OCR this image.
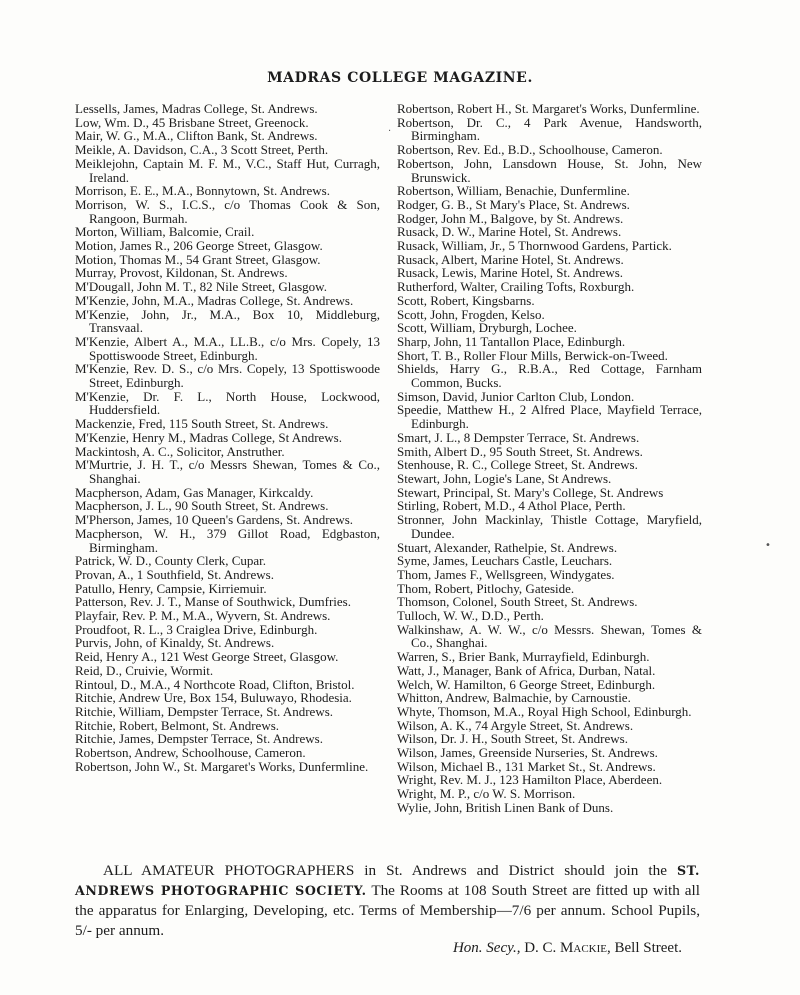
MADRAS COLLEGE MAGAZINE.
Lessells, James, Madras College, St. Andrews.
Low, Wm. D., 45 Brisbane Street, Greenock.
Mair, W. G., M.A., Clifton Bank, St. Andrews.
Meikle, A. Davidson, C.A., 3 Scott Street, Perth.
Meiklejohn, Captain M. F. M., V.C., Staff Hut, Curragh, Ireland.
Morrison, E. E., M.A., Bonnytown, St. Andrews.
Morrison, W. S., I.C.S., c/o Thomas Cook & Son, Rangoon, Burmah.
Morton, William, Balcomie, Crail.
Motion, James R., 206 George Street, Glasgow.
Motion, Thomas M., 54 Grant Street, Glasgow.
Murray, Provost, Kildonan, St. Andrews.
M'Dougall, John M. T., 82 Nile Street, Glasgow.
M'Kenzie, John, M.A., Madras College, St. Andrews.
M'Kenzie, John, Jr., M.A., Box 10, Middleburg, Transvaal.
M'Kenzie, Albert A., M.A., LL.B., c/o Mrs. Copely, 13 Spottiswoode Street, Edinburgh.
M'Kenzie, Rev. D. S., c/o Mrs. Copely, 13 Spottiswoode Street, Edinburgh.
M'Kenzie, Dr. F. L., North House, Lockwood, Huddersfield.
Mackenzie, Fred, 115 South Street, St. Andrews.
M'Kenzie, Henry M., Madras College, St Andrews.
Mackintosh, A. C., Solicitor, Anstruther.
M'Murtrie, J. H. T., c/o Messrs Shewan, Tomes & Co., Shanghai.
Macpherson, Adam, Gas Manager, Kirkcaldy.
Macpherson, J. L., 90 South Street, St. Andrews.
M'Pherson, James, 10 Queen's Gardens, St. Andrews.
Macpherson, W. H., 379 Gillot Road, Edgbaston, Birmingham.
Patrick, W. D., County Clerk, Cupar.
Provan, A., 1 Southfield, St. Andrews.
Patullo, Henry, Campsie, Kirriemuir.
Patterson, Rev. J. T., Manse of Southwick, Dumfries.
Playfair, Rev. P. M., M.A., Wyvern, St. Andrews.
Proudfoot, R. L., 3 Craiglea Drive, Edinburgh.
Purvis, John, of Kinaldy, St. Andrews.
Reid, Henry A., 121 West George Street, Glasgow.
Reid, D., Cruivie, Wormit.
Rintoul, D., M.A., 4 Northcote Road, Clifton, Bristol.
Ritchie, Andrew Ure, Box 154, Buluwayo, Rhodesia.
Ritchie, William, Dempster Terrace, St. Andrews.
Ritchie, Robert, Belmont, St. Andrews.
Ritchie, James, Dempster Terrace, St. Andrews.
Robertson, Andrew, Schoolhouse, Cameron.
Robertson, John W., St. Margaret's Works, Dunfermline.
Robertson, Robert H., St. Margaret's Works, Dunfermline.
Robertson, Dr. C., 4 Park Avenue, Handsworth, Birmingham.
Robertson, Rev. Ed., B.D., Schoolhouse, Cameron.
Robertson, John, Lansdown House, St. John, New Brunswick.
Robertson, William, Benachie, Dunfermline.
Rodger, G. B., St Mary's Place, St. Andrews.
Rodger, John M., Balgove, by St. Andrews.
Rusack, D. W., Marine Hotel, St. Andrews.
Rusack, William, Jr., 5 Thornwood Gardens, Partick.
Rusack, Albert, Marine Hotel, St. Andrews.
Rusack, Lewis, Marine Hotel, St. Andrews.
Rutherford, Walter, Crailing Tofts, Roxburgh.
Scott, Robert, Kingsbarns.
Scott, John, Frogden, Kelso.
Scott, William, Dryburgh, Lochee.
Sharp, John, 11 Tantallon Place, Edinburgh.
Short, T. B., Roller Flour Mills, Berwick-on-Tweed.
Shields, Harry G., R.B.A., Red Cottage, Farnham Common, Bucks.
Simson, David, Junior Carlton Club, London.
Speedie, Matthew H., 2 Alfred Place, Mayfield Terrace, Edinburgh.
Smart, J. L., 8 Dempster Terrace, St. Andrews.
Smith, Albert D., 95 South Street, St. Andrews.
Stenhouse, R. C., College Street, St. Andrews.
Stewart, John, Logie's Lane, St Andrews.
Stewart, Principal, St. Mary's College, St. Andrews
Stirling, Robert, M.D., 4 Athol Place, Perth.
Stronner, John Mackinlay, Thistle Cottage, Maryfield, Dundee.
Stuart, Alexander, Rathelpie, St. Andrews.
Syme, James, Leuchars Castle, Leuchars.
Thom, James F., Wellsgreen, Windygates.
Thom, Robert, Pitlochy, Gateside.
Thomson, Colonel, South Street, St. Andrews.
Tulloch, W. W., D.D., Perth.
Walkinshaw, A. W. W., c/o Messrs. Shewan, Tomes & Co., Shanghai.
Warren, S., Brier Bank, Murrayfield, Edinburgh.
Watt, J., Manager, Bank of Africa, Durban, Natal.
Welch, W. Hamilton, 6 George Street, Edinburgh.
Whitton, Andrew, Balmachie, by Carnoustie.
Whyte, Thomson, M.A., Royal High School, Edinburgh.
Wilson, A. K., 74 Argyle Street, St. Andrews.
Wilson, Dr. J. H., South Street, St. Andrews.
Wilson, James, Greenside Nurseries, St. Andrews.
Wilson, Michael B., 131 Market St., St. Andrews.
Wright, Rev. M. J., 123 Hamilton Place, Aberdeen.
Wright, M. P., c/o W. S. Morrison.
Wylie, John, British Linen Bank of Duns.

ALL AMATEUR PHOTOGRAPHERS in St. Andrews and District should join the ST. ANDREWS PHOTOGRAPHIC SOCIETY. The Rooms at 108 South Street are fitted up with all the apparatus for Enlarging, Developing, etc. Terms of Membership—7/6 per annum. School Pupils, 5/- per annum.

Hon. Secy., D. C. Mackie, Bell Street.
·
•
